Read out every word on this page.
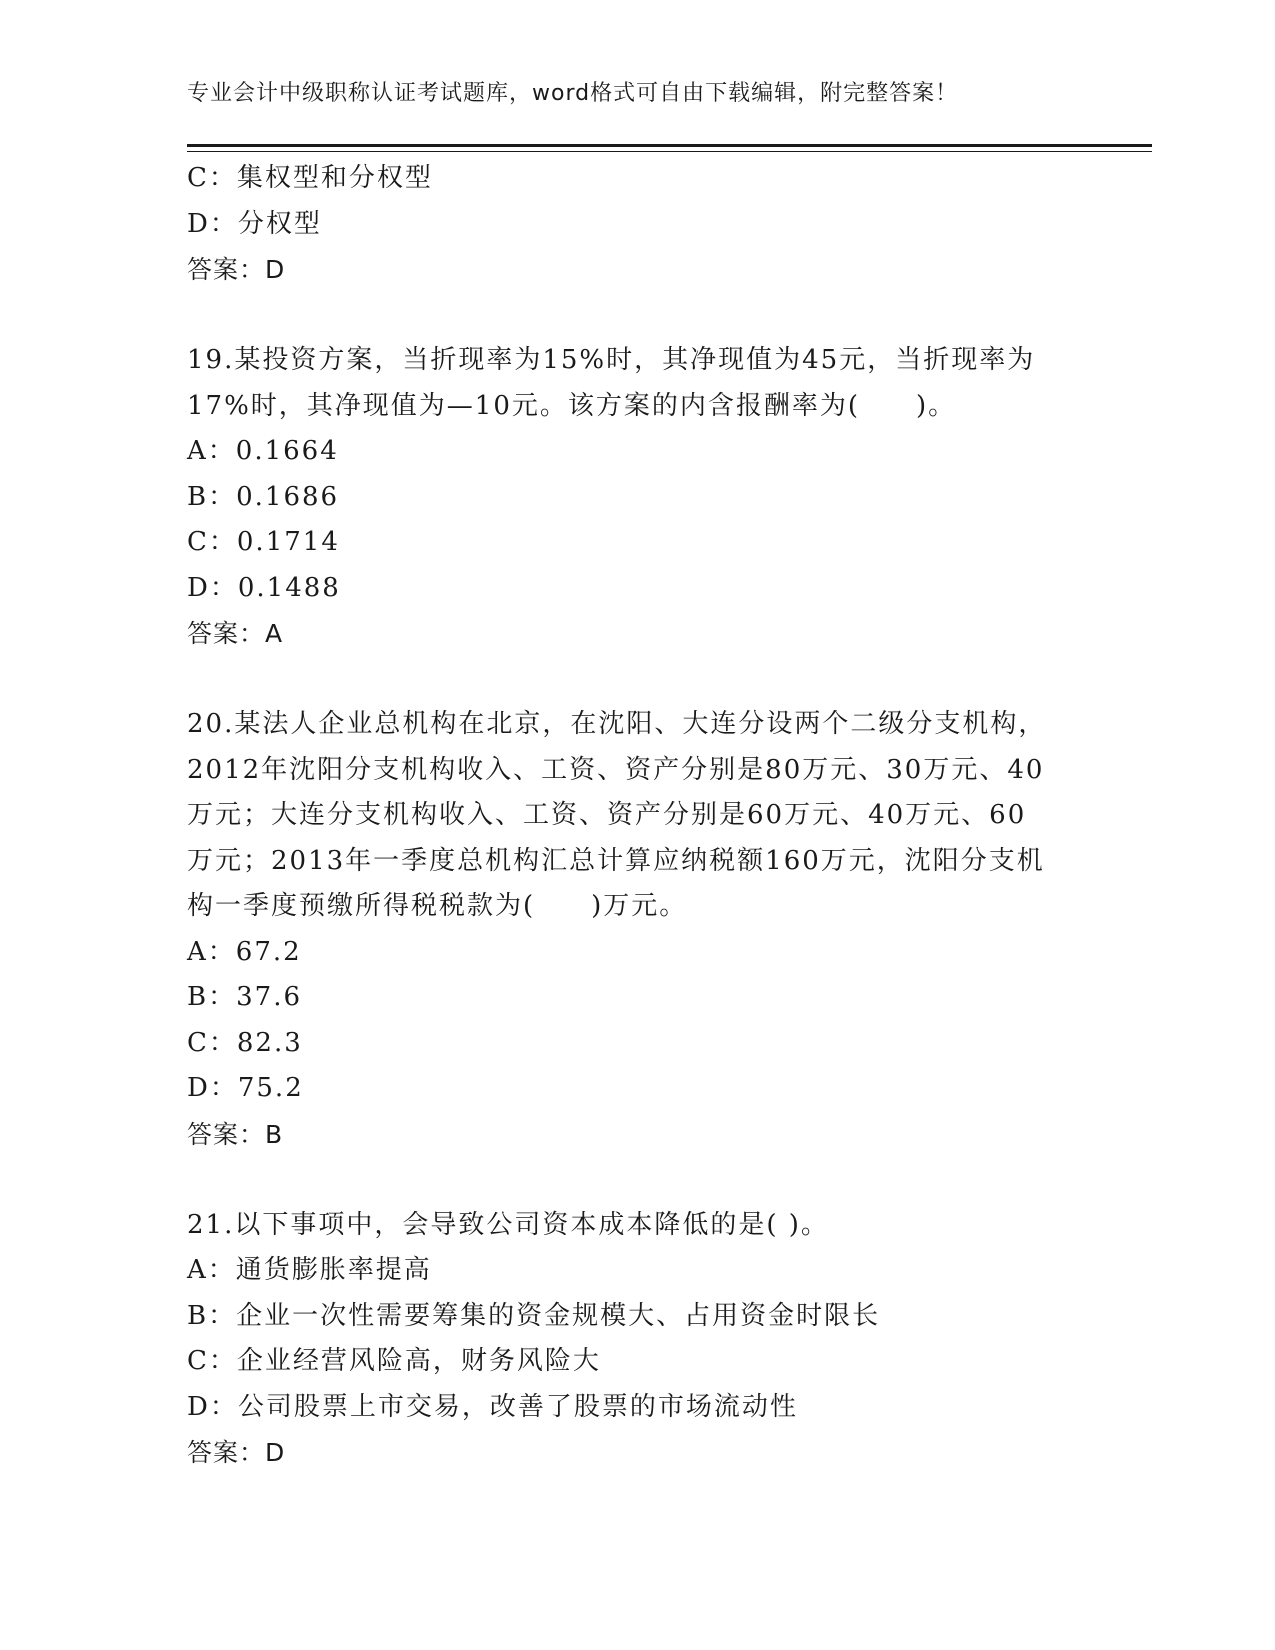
专业会计中级职称认证考试题库，word格式可自由下载编辑，附完整答案！
C：集权型和分权型
D：分权型
答案：D
19.某投资方案，当折现率为15%时，其净现值为45元，当折现率为
17%时，其净现值为—10元。该方案的内含报酬率为(　　)。
A：0.1664
B：0.1686
C：0.1714
D：0.1488
答案：A
20.某法人企业总机构在北京，在沈阳、大连分设两个二级分支机构，
2012年沈阳分支机构收入、工资、资产分别是80万元、30万元、40
万元；大连分支机构收入、工资、资产分别是60万元、40万元、60
万元；2013年一季度总机构汇总计算应纳税额160万元，沈阳分支机
构一季度预缴所得税税款为(　　)万元。
A：67.2
B：37.6
C：82.3
D：75.2
答案：B
21.以下事项中，会导致公司资本成本降低的是( )。
A：通货膨胀率提高
B：企业一次性需要筹集的资金规模大、占用资金时限长
C：企业经营风险高，财务风险大
D：公司股票上市交易，改善了股票的市场流动性
答案：D
